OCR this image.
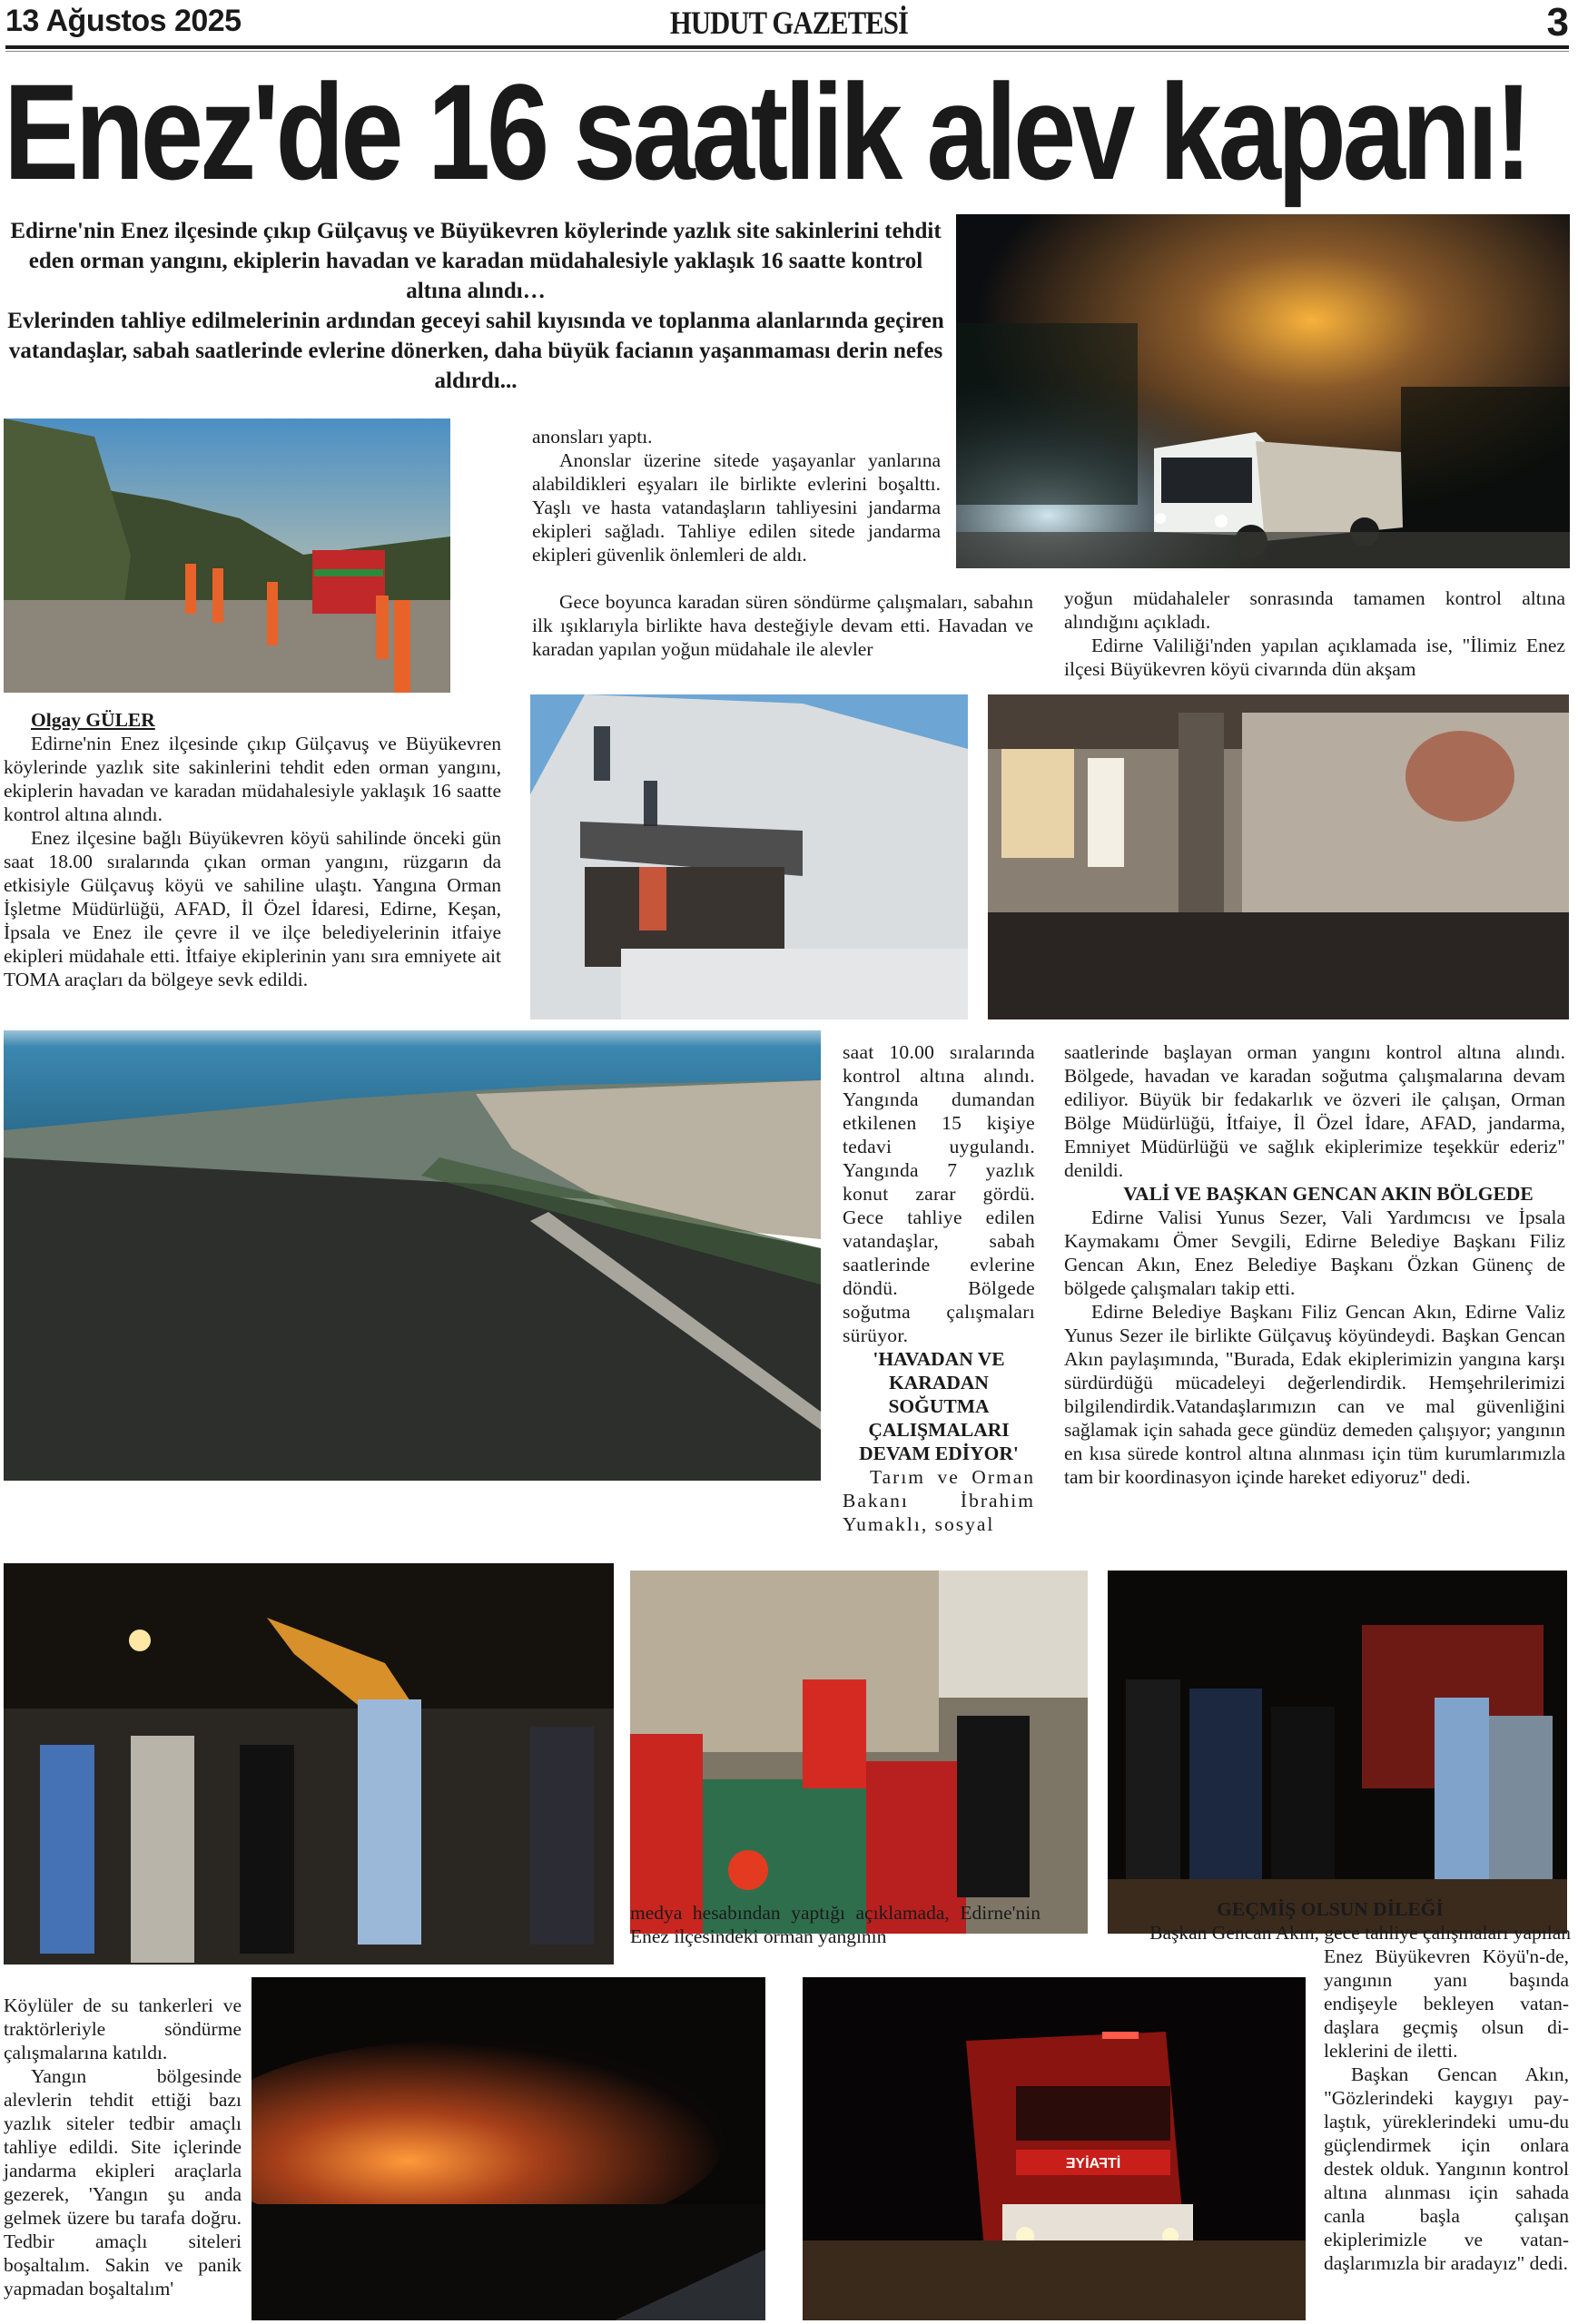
13 Ağustos 2025	HUDUT GAZETESİ	3
Enez'de 16 saatlik alev kapanı!

Edirne'nin Enez ilçesinde çıkıp Gülçavuş ve Büyükevren köylerinde yazlık site sakinlerini tehdit eden orman yangını, ekiplerin havadan ve karadan müdahalesiyle yaklaşık 16 saatte kontrol altına alındı…

Evlerinden tahliye edilmelerinin ardından geceyi sahil kıyısında ve toplanma alanlarında geçiren vatandaşlar, sabah saatlerinde evlerine dönerken, daha büyük facianın yaşanmaması derin nefes aldırdı...

anonsları yaptı.

Anonslar üzerine sitede yaşayanlar yanlarına alabildikleri eşyaları ile birlikte evlerini boşalttı. Yaşlı ve hasta vatandaşların tahliyesini jandarma ekipleri sağladı. Tahliye edilen sitede jandarma ekipleri güvenlik önlemleri de aldı.

Gece boyunca karadan süren söndürme çalışmaları, sabahın ilk ışıklarıyla birlikte hava desteğiyle devam etti. Havadan ve karadan yapılan yoğun müdahale ile alevler

yoğun müdahaleler sonrasında tamamen kontrol altına alındığını açıkladı.

Edirne Valiliği'nden yapılan açıklamada ise, "İlimiz Enez ilçesi Büyükevren köyü civarında dün akşam

Olgay GÜLER

Edirne'nin Enez ilçesinde çıkıp Gülçavuş ve Büyükevren köylerinde yazlık site sakinlerini tehdit eden orman yangını, ekiplerin havadan ve karadan müdahalesiyle yaklaşık 16 saatte kontrol altına alındı.

Enez ilçesine bağlı Büyükevren köyü sahilinde önceki gün saat 18.00 sıralarında çıkan orman yangını, rüzgarın da etkisiyle Gülçavuş köyü ve sahiline ulaştı. Yangına Orman İşletme Müdürlüğü, AFAD, İl Özel İdaresi, Edirne, Keşan, İpsala ve Enez ile çevre il ve ilçe belediyelerinin itfaiye ekipleri müdahale etti. İtfaiye ekiplerinin yanı sıra emniyete ait TOMA araçları da bölgeye sevk edildi.

saat 10.00 sıralarında kontrol altına alındı. Yangında dumandan etkilenen 15 kişiye tedavi uygulandı. Yangında 7 yazlık konut zarar gördü. Gece tahliye edilen vatandaşlar, sabah saatlerinde evlerine döndü. Bölgede soğutma çalışmaları sürüyor.

'HAVADAN VE KARADAN SOĞUTMA ÇALIŞMALARI DEVAM EDİYOR'

Tarım ve Orman Bakanı İbrahim Yumaklı, sosyal

saatlerinde başlayan orman yangını kontrol altına alındı. Bölgede, havadan ve karadan soğutma çalışmalarına devam ediliyor. Büyük bir fedakarlık ve özveri ile çalışan, Orman Bölge Müdürlüğü, İtfaiye, İl Özel İdare, AFAD, jandarma, Emniyet Müdürlüğü ve sağlık ekiplerimize teşekkür ederiz" denildi.

VALİ VE BAŞKAN GENCAN AKIN BÖLGEDE

Edirne Valisi Yunus Sezer, Vali Yardımcısı ve İpsala Kaymakamı Ömer Sevgili, Edirne Belediye Başkanı Filiz Gencan Akın, Enez Belediye Başkanı Özkan Günenç de bölgede çalışmaları takip etti.

Edirne Belediye Başkanı Filiz Gencan Akın, Edirne Valiz Yunus Sezer ile birlikte Gülçavuş köyündeydi. Başkan Gencan Akın paylaşımında, "Burada, Edak ekiplerimizin yangına karşı sürdürdüğü mücadeleyi değerlendirdik. Hemşehrilerimizi bilgilendirdik.Vatandaşlarımızın can ve mal güvenliğini sağlamak için sahada gece gündüz demeden çalışıyor; yangının en kısa sürede kontrol altına alınması için tüm kurumlarımızla tam bir koordinasyon içinde hareket ediyoruz" dedi.

medya hesabından yaptığı açıklamada, Edirne'nin Enez ilçesindeki orman yangının

GEÇMİŞ OLSUN DİLEĞİ

Başkan Gencan Akın, gece tahliye çalışmaları yapılan

Enez Büyükevren Köyü'n-de, yangının yanı başında endişeyle bekleyen vatan-daşlara geçmiş olsun di-leklerini de iletti.

Başkan Gencan Akın, "Gözlerindeki kaygıyı pay-laştık, yüreklerindeki umu-du güçlendirmek için onlara destek olduk. Yangının kontrol altına alınması için sahada canla başla çalışan ekiplerimizle ve vatan-daşlarımızla bir aradayız" dedi.

Köylüler de su tankerleri ve traktörleriyle söndürme çalışmalarına katıldı.

Yangın bölgesinde alevlerin tehdit ettiği bazı yazlık siteler tedbir amaçlı tahliye edildi. Site içlerinde jandarma ekipleri araçlarla gezerek, 'Yangın şu anda gelmek üzere bu tarafa doğru. Tedbir amaçlı siteleri boşaltalım. Sakin ve panik yapmadan boşaltalım'

İTFAİYE
